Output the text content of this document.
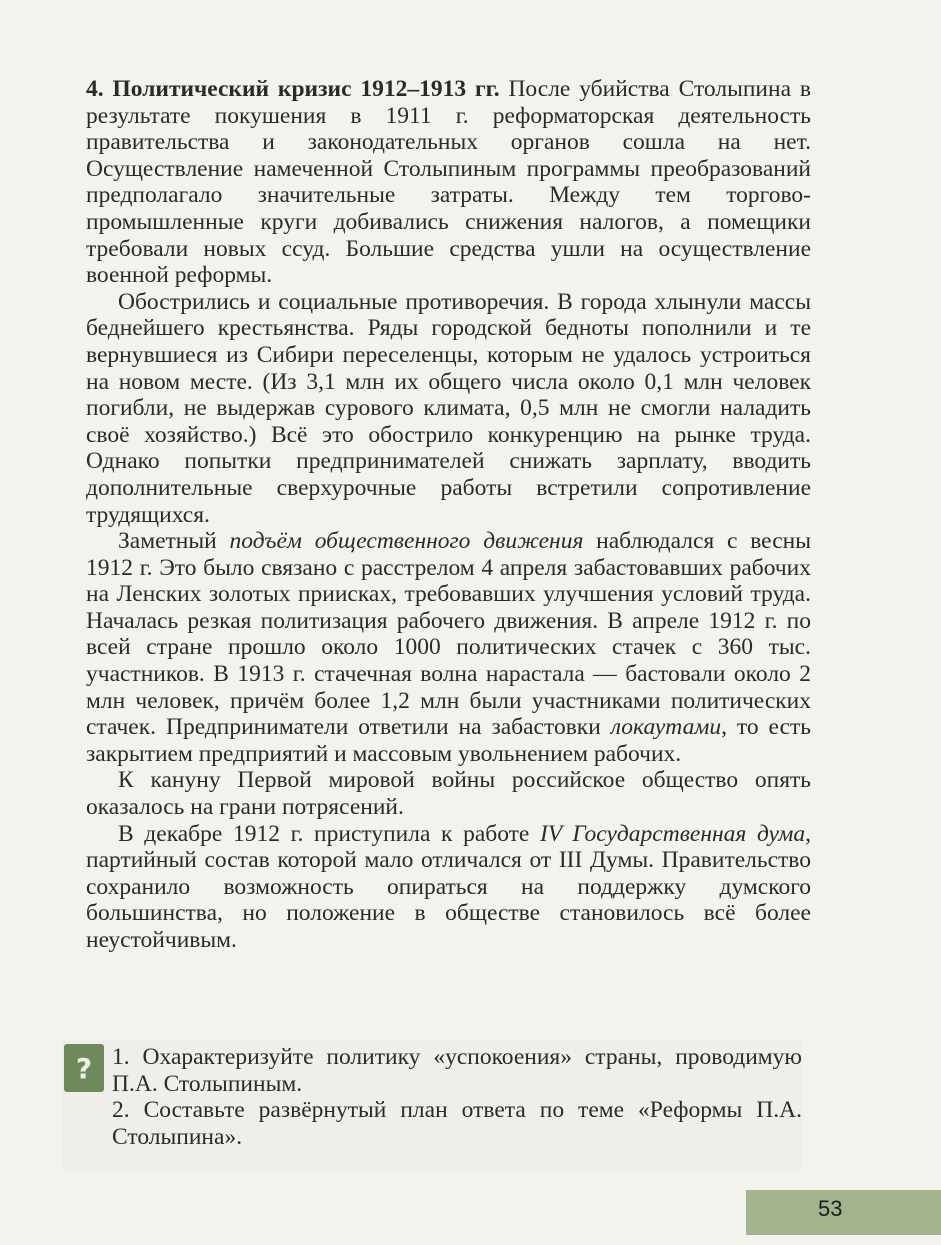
4. Политический кризис 1912–1913 гг. После убийства Столыпина в результате покушения в 1911 г. реформаторская деятельность правительства и законодательных органов сошла на нет. Осуществление намеченной Столыпиным программы преобразований предполагало значительные затраты. Между тем торгово-промышленные круги добивались снижения налогов, а помещики требовали новых ссуд. Большие средства ушли на осуществление военной реформы.

Обострились и социальные противоречия. В города хлынули массы беднейшего крестьянства. Ряды городской бедноты пополнили и те вернувшиеся из Сибири переселенцы, которым не удалось устроиться на новом месте. (Из 3,1 млн их общего числа около 0,1 млн человек погибли, не выдержав сурового климата, 0,5 млн не смогли наладить своё хозяйство.) Всё это обострило конкуренцию на рынке труда. Однако попытки предпринимателей снижать зарплату, вводить дополнительные сверхурочные работы встретили сопротивление трудящихся.

Заметный подъём общественного движения наблюдался с весны 1912 г. Это было связано с расстрелом 4 апреля забастовавших рабочих на Ленских золотых приисках, требовавших улучшения условий труда. Началась резкая политизация рабочего движения. В апреле 1912 г. по всей стране прошло около 1000 политических стачек с 360 тыс. участников. В 1913 г. стачечная волна нарастала — бастовали около 2 млн человек, причём более 1,2 млн были участниками политических стачек. Предприниматели ответили на забастовки локаутами, то есть закрытием предприятий и массовым увольнением рабочих.

К кануну Первой мировой войны российское общество опять оказалось на грани потрясений.

В декабре 1912 г. приступила к работе IV Государственная дума, партийный состав которой мало отличался от III Думы. Правительство сохранило возможность опираться на поддержку думского большинства, но положение в обществе становилось всё более неустойчивым.

? 1. Охарактеризуйте политику «успокоения» страны, проводимую П.А. Столыпиным.

2. Составьте развёрнутый план ответа по теме «Реформы П.А. Столыпина».

53
